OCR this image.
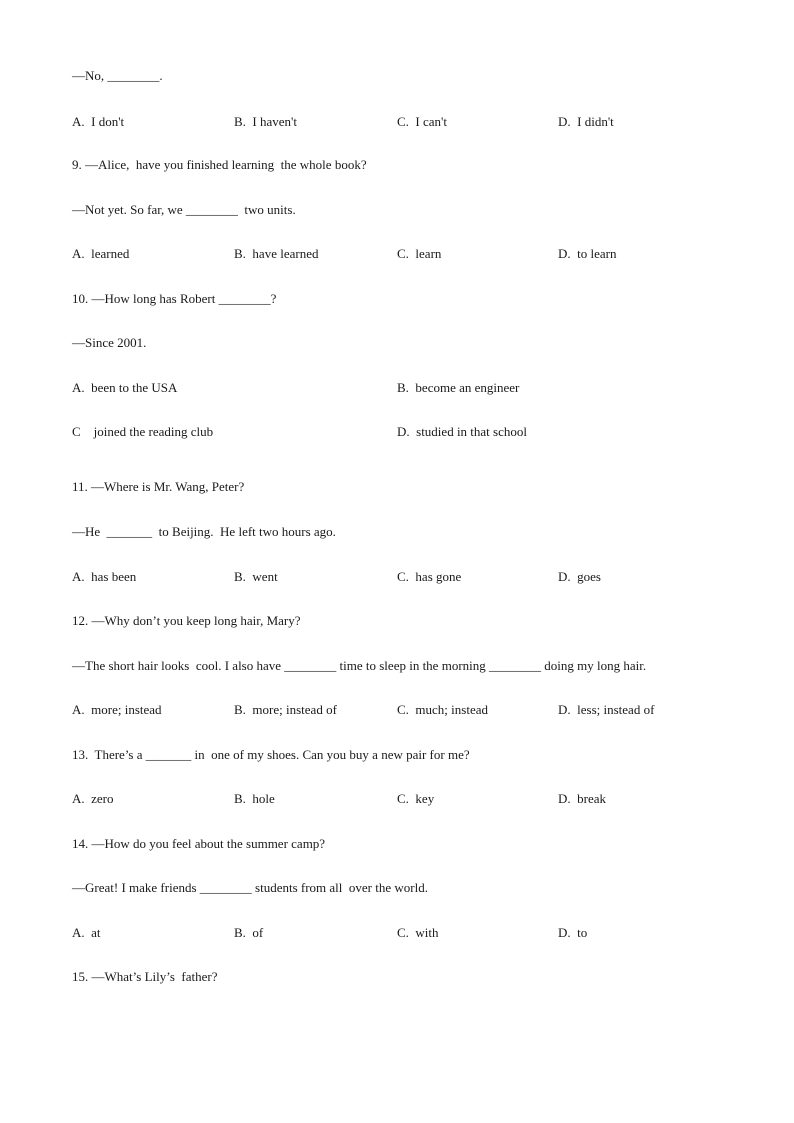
—No, ________.
A.  I don't	B.  I haven't	C.  I can't	D.  I didn't
9. —Alice,  have you finished learning  the whole book?
—Not yet. So far, we ________  two units.
A.  learned	B.  have learned	C.  learn	D.  to learn
10. —How long has Robert ________?
—Since 2001.
A.  been to the USA	B.  become an engineer
C    joined the reading club	D.  studied in that school
11. —Where is Mr. Wang, Peter?
—He  _______  to Beijing.  He left two hours ago.
A.  has been	B.  went	C.  has gone	D.  goes
12. —Why don’t you keep long hair, Mary?
—The short hair looks  cool. I also have ________ time to sleep in the morning ________ doing my long hair.
A.  more; instead	B.  more; instead of	C.  much; instead	D.  less; instead of
13.  There’s a _______ in  one of my shoes. Can you buy a new pair for me?
A.  zero	B.  hole	C.  key	D.  break
14. —How do you feel about the summer camp?
—Great! I make friends ________ students from all  over the world.
A.  at	B.  of	C.  with	D.  to
15. —What’s Lily’s  father?
